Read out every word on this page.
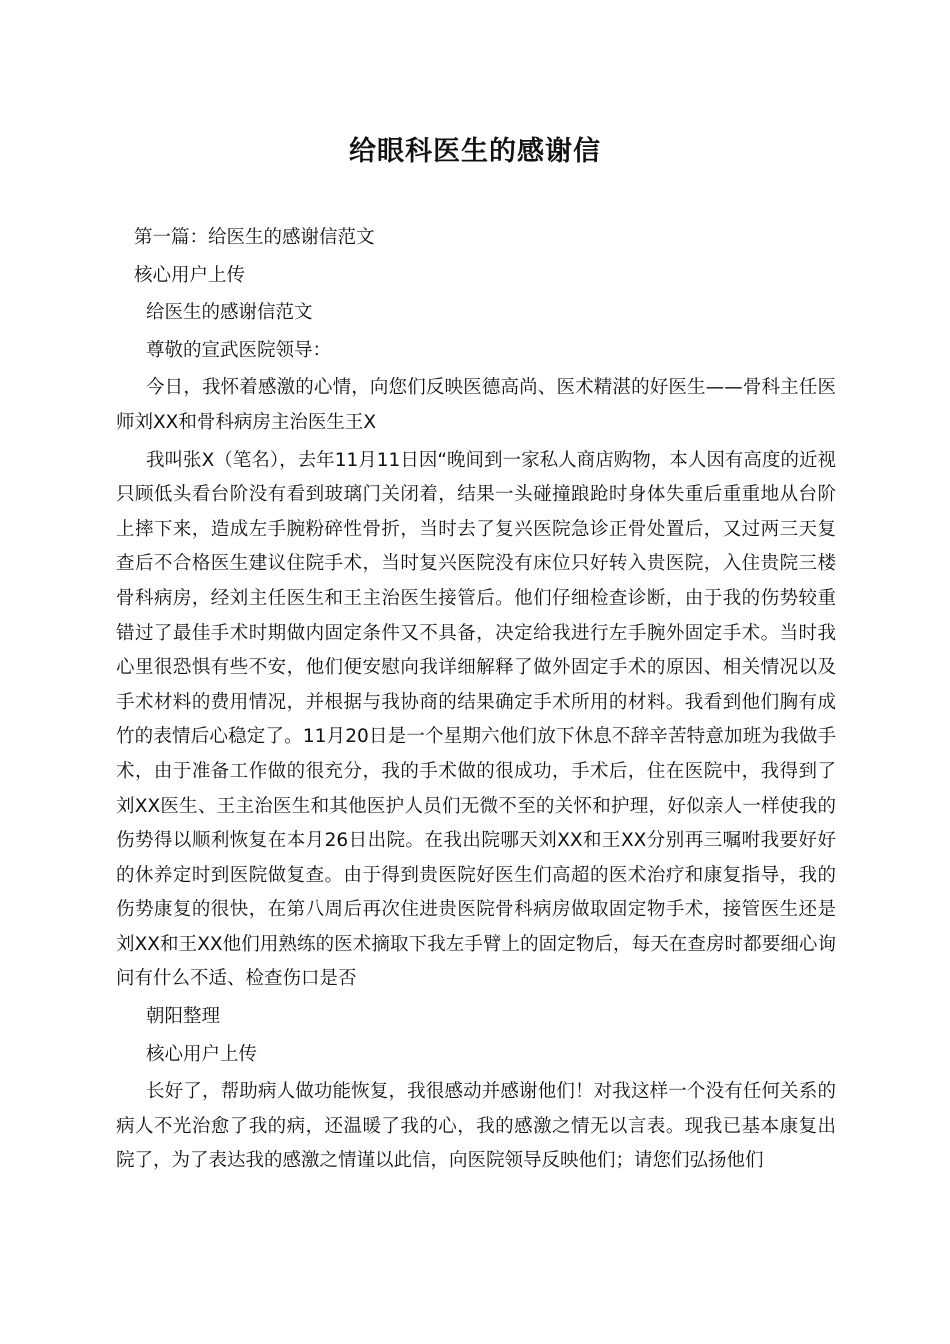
给眼科医生的感谢信

第一篇：给医生的感谢信范文

核心用户上传

给医生的感谢信范文

尊敬的宣武医院领导：

今日，我怀着感激的心情，向您们反映医德高尚、医术精湛的好医生——骨科主任医师刘XX和骨科病房主治医生王X

我叫张X（笔名），去年11月11日因“晚间到一家私人商店购物，本人因有高度的近视只顾低头看台阶没有看到玻璃门关闭着，结果一头碰撞踉跄时身体失重后重重地从台阶上摔下来，造成左手腕粉碎性骨折，当时去了复兴医院急诊正骨处置后，又过两三天复查后不合格医生建议住院手术，当时复兴医院没有床位只好转入贵医院，入住贵院三楼骨科病房，经刘主任医生和王主治医生接管后。他们仔细检查诊断，由于我的伤势较重错过了最佳手术时期做内固定条件又不具备，决定给我进行左手腕外固定手术。当时我心里很恐惧有些不安，他们便安慰向我详细解释了做外固定手术的原因、相关情况以及手术材料的费用情况，并根据与我协商的结果确定手术所用的材料。我看到他们胸有成竹的表情后心稳定了。11月20日是一个星期六他们放下休息不辞辛苦特意加班为我做手术，由于准备工作做的很充分，我的手术做的很成功，手术后，住在医院中，我得到了刘XX医生、王主治医生和其他医护人员们无微不至的关怀和护理，好似亲人一样使我的伤势得以顺利恢复在本月26日出院。在我出院哪天刘XX和王XX分别再三嘱咐我要好好的休养定时到医院做复查。由于得到贵医院好医生们高超的医术治疗和康复指导，我的伤势康复的很快，在第八周后再次住进贵医院骨科病房做取固定物手术，接管医生还是刘XX和王XX他们用熟练的医术摘取下我左手臂上的固定物后，每天在查房时都要细心询问有什么不适、检查伤口是否

朝阳整理

核心用户上传

长好了，帮助病人做功能恢复，我很感动并感谢他们！对我这样一个没有任何关系的病人不光治愈了我的病，还温暖了我的心，我的感激之情无以言表。现我已基本康复出院了，为了表达我的感激之情谨以此信，向医院领导反映他们；请您们弘扬他们
